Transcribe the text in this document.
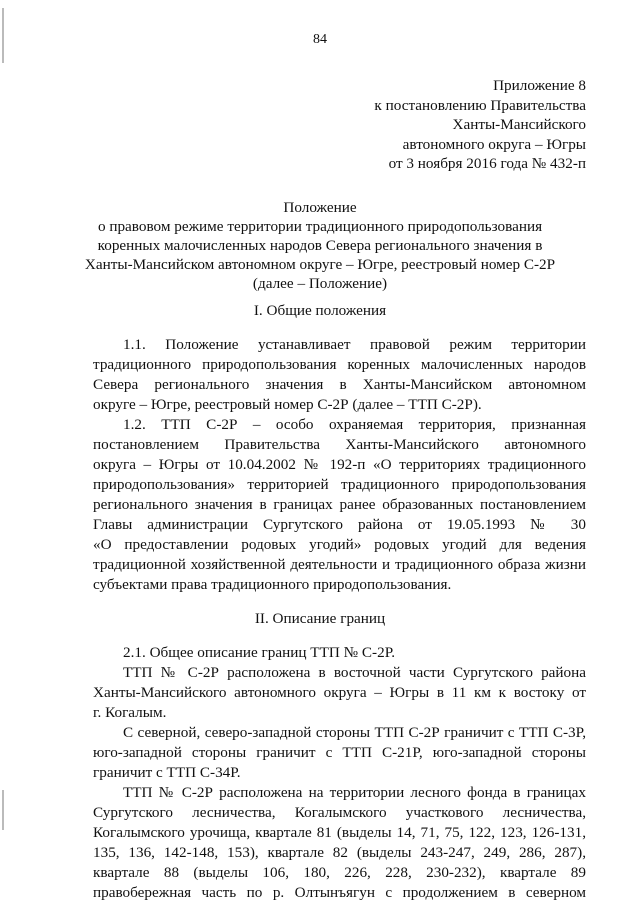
84
Приложение 8
к постановлению Правительства
Ханты-Мансийского
автономного округа – Югры
от 3 ноября 2016 года № 432-п
Положение
о правовом режиме территории традиционного природопользования
коренных малочисленных народов Севера регионального значения в
Ханты-Мансийском автономном округе – Югре, реестровый номер С-2Р
(далее – Положение)
I. Общие положения
1.1. Положение устанавливает правовой режим территории
традиционного природопользования коренных малочисленных народов
Севера регионального значения в Ханты-Мансийском автономном
округе – Югре, реестровый номер С-2Р (далее – ТТП С-2Р).
1.2. ТТП С-2Р – особо охраняемая территория, признанная
постановлением Правительства Ханты-Мансийского автономного
округа – Югры от 10.04.2002 № 192-п «О территориях традиционного
природопользования» территорией традиционного природопользования
регионального значения в границах ранее образованных постановлением
Главы администрации Сургутского района от 19.05.1993 № 30
«О предоставлении родовых угодий» родовых угодий для ведения
традиционной хозяйственной деятельности и традиционного образа жизни
субъектами права традиционного природопользования.
II. Описание границ
2.1. Общее описание границ ТТП № С-2Р.
ТТП № С-2Р расположена в восточной части Сургутского района
Ханты-Мансийского автономного округа – Югры в 11 км к востоку от
г. Когалым.
С северной, северо-западной стороны ТТП С-2Р граничит с ТТП С-3Р,
юго-западной стороны граничит с ТТП С-21Р, юго-западной стороны
граничит с ТТП С-34Р.
ТТП № С-2Р расположена на территории лесного фонда в границах
Сургутского лесничества, Когалымского участкового лесничества,
Когалымского урочища, квартале 81 (выделы 14, 71, 75, 122, 123, 126-131,
135, 136, 142-148, 153), квартале 82 (выделы 243-247, 249, 286, 287),
квартале 88 (выделы 106, 180, 226, 228, 230-232), квартале 89
правобережная часть по р. Олтынъягун с продолжением в северном
